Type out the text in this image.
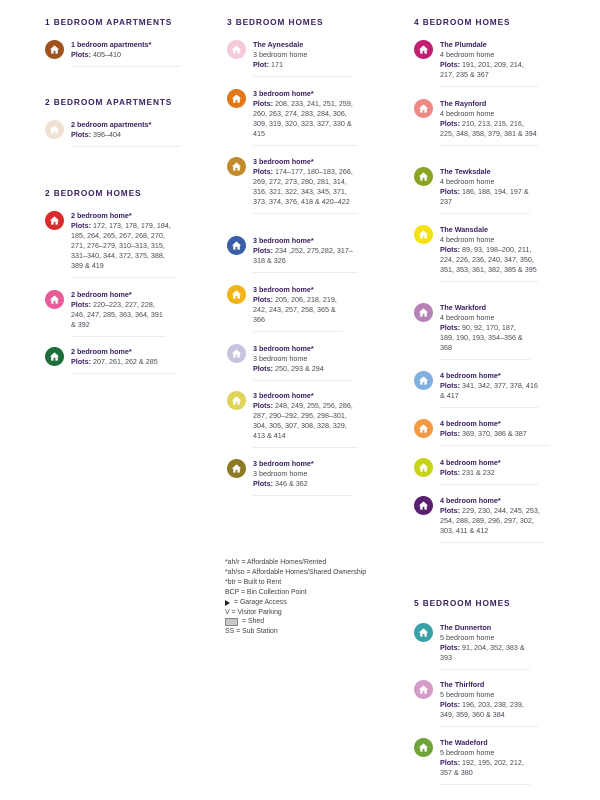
1 BEDROOM APARTMENTS
1 bedroom apartments*
Plots: 405–410
2 BEDROOM APARTMENTS
2 bedroom apartments*
Plots: 396–404
2 BEDROOM HOMES
2 bedroom home*
Plots: 172, 173, 178, 179, 184, 185, 264, 265, 267, 268, 270, 271, 276–279, 310–313, 315, 331–340, 344, 372, 375, 388, 389 & 419
2 bedroom home*
Plots: 220–223, 227, 228, 246, 247, 285, 363, 364, 391 & 392
2 bedroom home*
Plots: 207, 261, 262 & 285
3 BEDROOM HOMES
The Aynesdale
3 bedroom home
Plot: 171
3 bedroom home*
Plots: 208, 233, 241, 251, 259, 260, 263, 274, 283, 284, 306, 309, 319, 320, 323, 327, 330 & 415
3 bedroom home*
Plots: 174–177, 180–183, 266, 269, 272, 273, 280, 281, 314, 316, 321, 322, 343, 345, 371, 373, 374, 376, 418 & 420–422
3 bedroom home*
Plots: 234 ,252, 275,282, 317–318 & 326
3 bedroom home*
Plots: 205, 206, 218, 219, 242, 243, 257, 258, 365 & 366
3 bedroom home*
3 bedroom home
Plots: 250, 293 & 294
3 bedroom home*
Plots: 248, 249, 255, 256, 286, 287, 290–292, 295, 298–301, 304, 305, 307, 308, 328, 329, 413 & 414
3 bedroom home*
3 bedroom home
Plots: 346 & 362
*ah/r = Affordable Homes/Rented
*ah/so = Affordable Homes/Shared Ownership
*btr = Built to Rent
BCP = Bin Collection Point
= Garage Access
V = Visitor Parking
= Shed
SS = Sub Station
4 BEDROOM HOMES
The Plumdale
4 bedroom home
Plots: 191, 201, 209, 214, 217, 235 & 367
The Raynford
4 bedroom home
Plots: 210, 213, 215, 216, 225, 348, 358, 379, 381 & 394
The Tewksdale
4 bedroom home
Plots: 186, 188, 194, 197 & 237
The Wansdale
4 bedroom home
Plots: 89, 93, 198–200, 211, 224, 226, 236, 240, 347, 350, 351, 353, 361, 382, 385 & 395
The Warkford
4 bedroom home
Plots: 90, 92, 170, 187, 189, 190, 193, 354–356 & 368
4 bedroom home*
Plots: 341, 342, 377, 378, 416 & 417
4 bedroom home*
Plots: 369, 370, 386 & 387
4 bedroom home*
Plots: 231 & 232
4 bedroom home*
Plots: 229, 230, 244, 245, 253, 254, 288, 289, 296, 297, 302, 303, 411 & 412
5 BEDROOM HOMES
The Dunnerton
5 bedroom home
Plots: 91, 204, 352, 383 & 393
The Thirlford
5 bedroom home
Plots: 196, 203, 238, 239, 349, 359, 360 & 384
The Wadeford
5 bedroom home
Plots: 192, 195, 202, 212, 357 & 380
